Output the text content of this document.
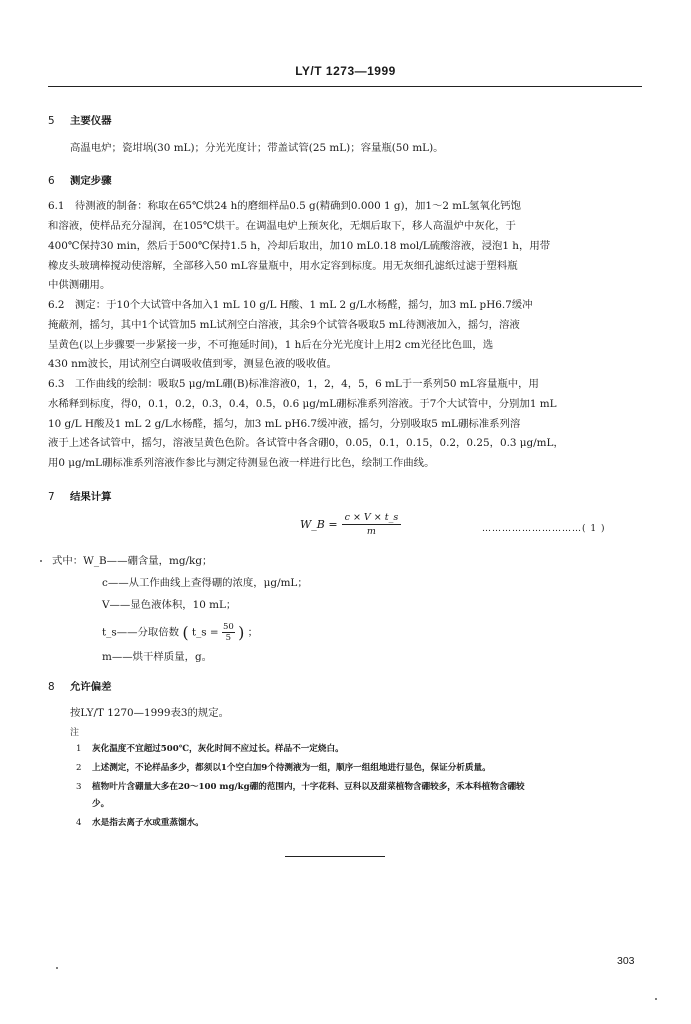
LY/T 1273—1999
5 主要仪器
高温电炉；瓷坩埚(30 mL)；分光光度计；带盖试管(25 mL)；容量瓶(50 mL)。
6 测定步骤
6.1　待测液的制备：称取在65℃烘24 h的磨细样品0.5 g(精确到0.000 1 g)，加1～2 mL氢氧化钙饱
和溶液，使样品充分湿润，在105℃烘干。在调温电炉上预灰化，无烟后取下，移人高温炉中灰化，于
400℃保持30 min，然后于500℃保持1.5 h，冷却后取出，加10 mL0.18 mol/L硫酸溶液，浸泡1 h，用带
橡皮头玻璃棒搅动使溶解，全部移入50 mL容量瓶中，用水定容到标度。用无灰细孔滤纸过滤于塑料瓶
中供测硼用。
6.2　测定：于10个大试管中各加入1 mL 10 g/L H酸、1 mL 2 g/L水杨醛，摇匀，加3 mL pH6.7缓冲
掩蔽剂，摇匀，其中1个试管加5 mL试剂空白溶液，其余9个试管各吸取5 mL待测液加入，摇匀，溶液
呈黄色(以上步骤要一步紧接一步，不可拖延时间)，1 h后在分光光度计上用2 cm光径比色皿，选
430 nm波长，用试剂空白调吸收值到零，测显色液的吸收值。
6.3　工作曲线的绘制：吸取5 μg/mL硼(B)标准溶液0，1，2，4，5，6 mL于一系列50 mL容量瓶中，用
水稀释到标度，得0，0.1，0.2，0.3，0.4，0.5，0.6 μg/mL硼标准系列溶液。于7个大试管中，分别加1 mL
10 g/L H酸及1 mL 2 g/L水杨醛，摇匀，加3 mL pH6.7缓冲液，摇匀，分别吸取5 mL硼标准系列溶
液于上述各试管中，摇匀，溶液呈黄色色阶。各试管中各含硼0，0.05，0.1，0.15，0.2，0.25，0.3 μg/mL，
用0 μg/mL硼标准系列溶液作参比与测定待测显色液一样进行比色，绘制工作曲线。
7 结果计算
W_B = $\frac{c \times V \times t\_s}{m}$	…………………………( 1 )
式中：W_B——硼含量，mg/kg；
c——从工作曲线上查得硼的浓度，μg/mL；
V——显色液体积，10 mL；
t_s——分取倍数 ( t_s = $\frac{50}{5}$ ) ；
m——烘干样质量，g。
8 允许偏差
按LY/T 1270—1999表3的规定。
注
1 灰化温度不宜超过500℃，灰化时间不应过长。样品不一定烧白。
2 上述测定，不论样品多少，都须以1个空白加9个待测液为一组，顺序一组组地进行显色，保证分析质量。
3 植物叶片含硼量大多在20～100 mg/kg硼的范围内，十字花科、豆科以及甜菜植物含硼较多，禾本科植物含硼较
少。
4 水是指去离子水或重蒸馏水。
303
